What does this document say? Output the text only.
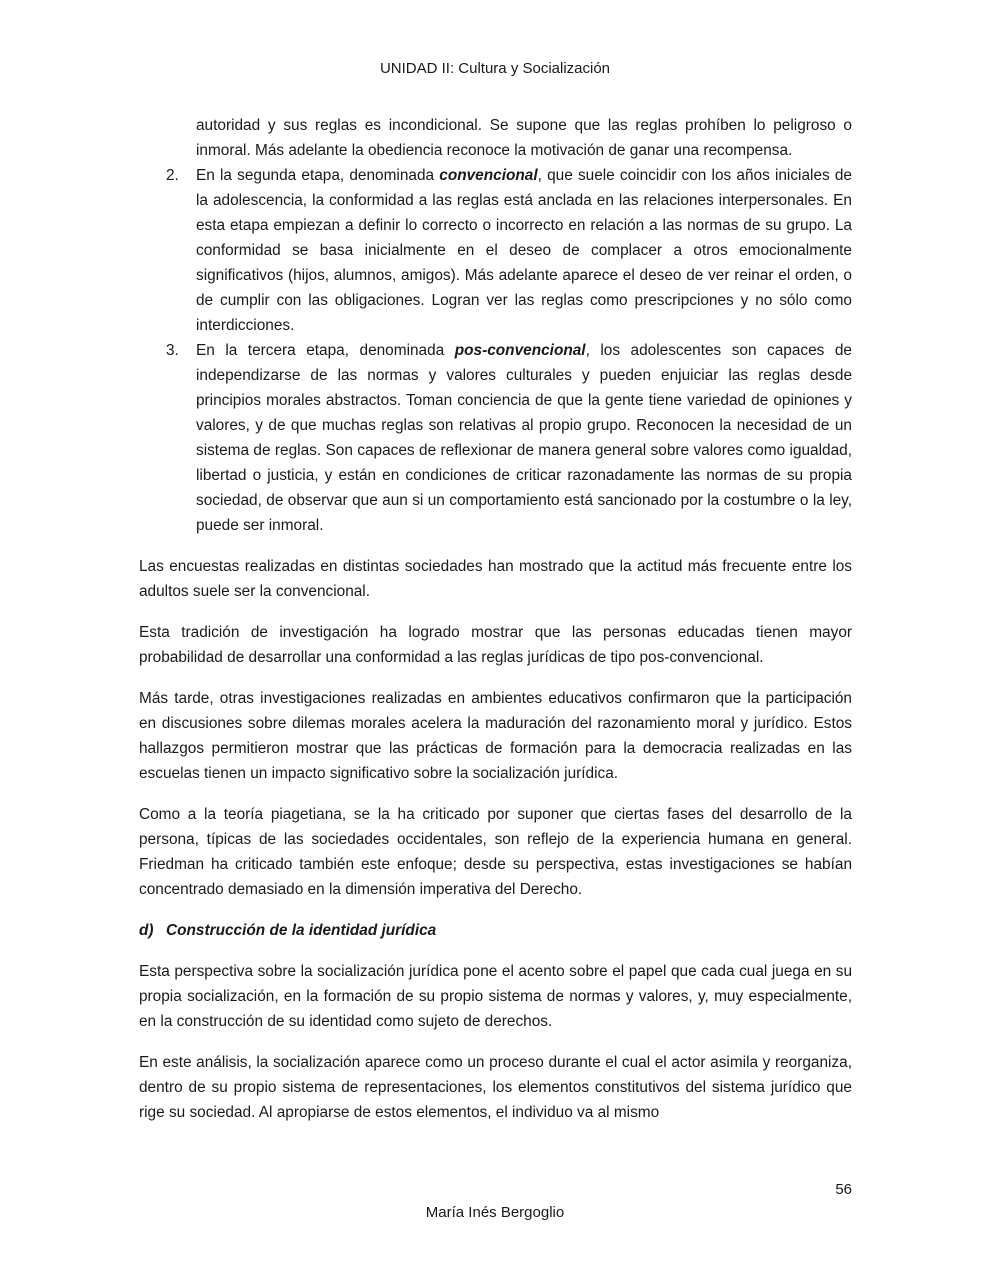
UNIDAD II: Cultura y Socialización
autoridad y sus reglas es incondicional. Se supone que las reglas prohíben lo peligroso o inmoral. Más adelante la obediencia reconoce la motivación de ganar una recompensa.
2. En la segunda etapa, denominada convencional, que suele coincidir con los años iniciales de la adolescencia, la conformidad a las reglas está anclada en las relaciones interpersonales. En esta etapa empiezan a definir lo correcto o incorrecto en relación a las normas de su grupo. La conformidad se basa inicialmente en el deseo de complacer a otros emocionalmente significativos (hijos, alumnos, amigos). Más adelante aparece el deseo de ver reinar el orden, o de cumplir con las obligaciones. Logran ver las reglas como prescripciones y no sólo como interdicciones.
3. En la tercera etapa, denominada pos-convencional, los adolescentes son capaces de independizarse de las normas y valores culturales y pueden enjuiciar las reglas desde principios morales abstractos. Toman conciencia de que la gente tiene variedad de opiniones y valores, y de que muchas reglas son relativas al propio grupo. Reconocen la necesidad de un sistema de reglas. Son capaces de reflexionar de manera general sobre valores como igualdad, libertad o justicia, y están en condiciones de criticar razonadamente las normas de su propia sociedad, de observar que aun si un comportamiento está sancionado por la costumbre o la ley, puede ser inmoral.

Las encuestas realizadas en distintas sociedades han mostrado que la actitud más frecuente entre los adultos suele ser la convencional.

Esta tradición de investigación ha logrado mostrar que las personas educadas tienen mayor probabilidad de desarrollar una conformidad a las reglas jurídicas de tipo pos-convencional.

Más tarde, otras investigaciones realizadas en ambientes educativos confirmaron que la participación en discusiones sobre dilemas morales acelera la maduración del razonamiento moral y jurídico. Estos hallazgos permitieron mostrar que las prácticas de formación para la democracia realizadas en las escuelas tienen un impacto significativo sobre la socialización jurídica.

Como a la teoría piagetiana, se la ha criticado por suponer que ciertas fases del desarrollo de la persona, típicas de las sociedades occidentales, son reflejo de la experiencia humana en general. Friedman ha criticado también este enfoque; desde su perspectiva, estas investigaciones se habían concentrado demasiado en la dimensión imperativa del Derecho.

d) Construcción de la identidad jurídica

Esta perspectiva sobre la socialización jurídica pone el acento sobre el papel que cada cual juega en su propia socialización, en la formación de su propio sistema de normas y valores, y, muy especialmente, en la construcción de su identidad como sujeto de derechos.

En este análisis, la socialización aparece como un proceso durante el cual el actor asimila y reorganiza, dentro de su propio sistema de representaciones, los elementos constitutivos del sistema jurídico que rige su sociedad. Al apropiarse de estos elementos, el individuo va al mismo

56
María Inés Bergoglio
